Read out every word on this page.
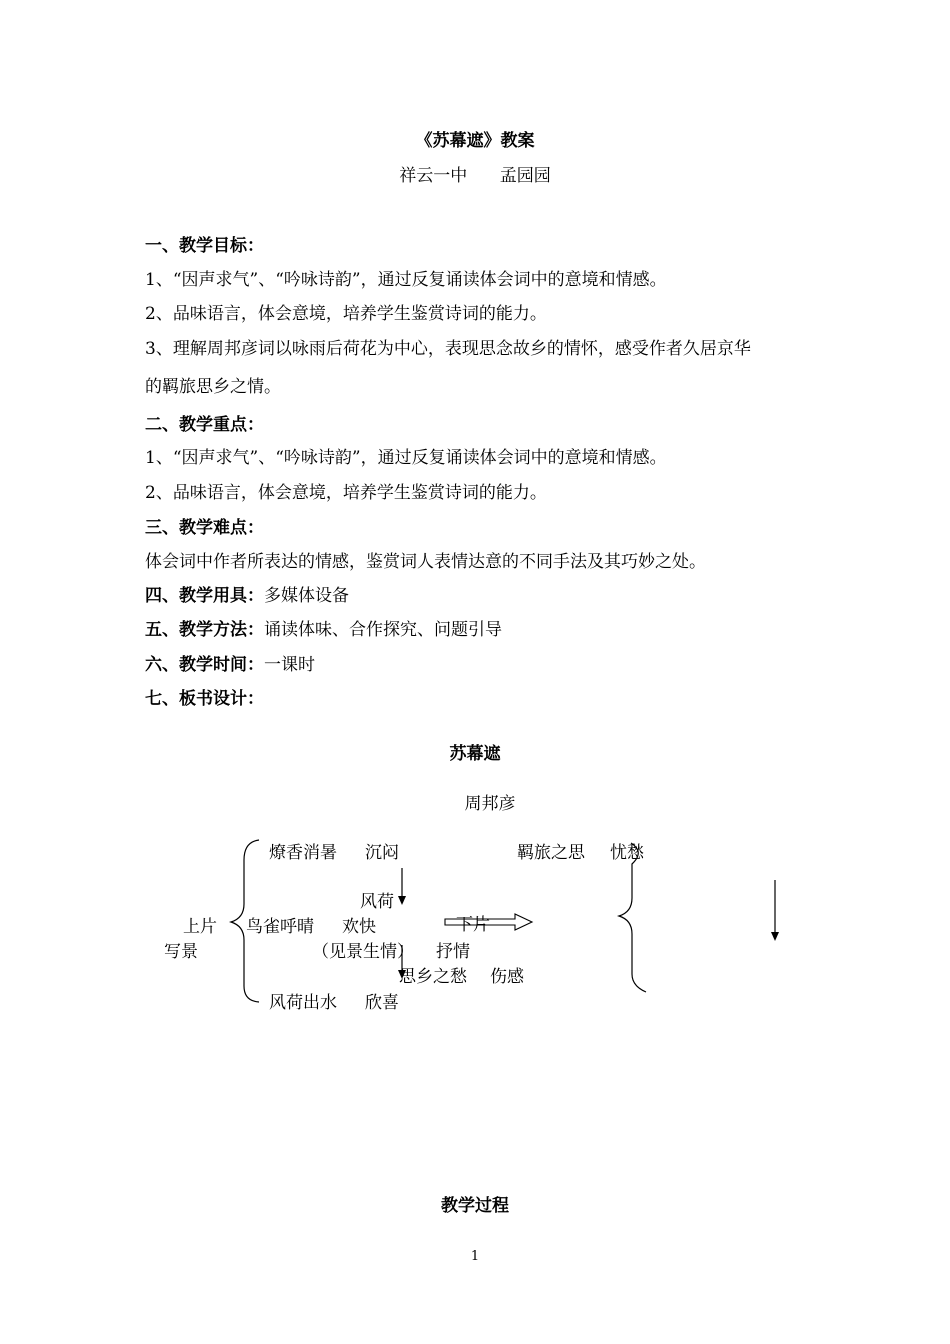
《苏幕遮》教案
祥云一中      孟园园
一、教学目标：
1、“因声求气”、“吟咏诗韵”，通过反复诵读体会词中的意境和情感。
2、品味语言，体会意境，培养学生鉴赏诗词的能力。
3、理解周邦彦词以咏雨后荷花为中心，表现思念故乡的情怀，感受作者久居京华
的羁旅思乡之情。
二、教学重点：
1、“因声求气”、“吟咏诗韵”，通过反复诵读体会词中的意境和情感。
2、品味语言，体会意境，培养学生鉴赏诗词的能力。
三、教学难点：
体会词中作者所表达的情感，鉴赏词人表情达意的不同手法及其巧妙之处。
四、教学用具：多媒体设备
五、教学方法：诵读体味、合作探究、问题引导
六、教学时间：一课时
七、板书设计：
苏幕遮
周邦彦
上片
写景
燎香消暑 沉闷
风荷
鸟雀呼晴 欢快	下片
（见景生情） 抒情
思乡之愁 伤感
风荷出水 欣喜
羁旅之思 忧愁
教学过程
1
